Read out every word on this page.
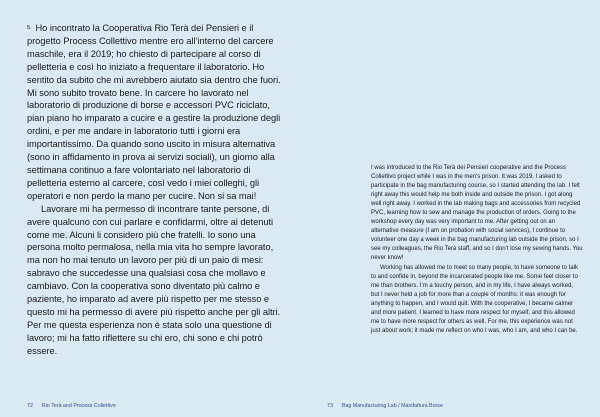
$^{5.}$ Ho incontrato la Cooperativa Rio Terà dei Pensieri e il progetto Process Collettivo mentre ero all’interno del carcere maschile, era il 2019; ho chiesto di partecipare al corso di pelletteria e così ho iniziato a frequentare il laboratorio. Ho sentito da subito che mi avrebbero aiutato sia dentro che fuori. Mi sono subito trovato bene. In carcere ho lavorato nel laboratorio di produzione di borse e accessori PVC riciclato, pian piano ho imparato a cucire e a gestire la produzione degli ordini, e per me andare in laboratorio tutti i giorni era importantissimo. Da quando sono uscito in misura alternativa (sono in affidamento in prova ai servizi sociali), un giorno alla settimana continuo a fare volontariato nel laboratorio di pelletteria esterno al carcere, così vedo i miei colleghi, gli operatori e non perdo la mano per cucire. Non si sa mai!

Lavorare mi ha permesso di incontrare tante persone, di avere qualcuno con cui parlare e confidarmi, oltre ai detenuti come me. Alcuni li considero più che fratelli. Io sono una persona molto permalosa, nella mia vita ho sempre lavorato, ma non ho mai tenuto un lavoro per più di un paio di mesi: sabravo che succedesse una qualsiasi cosa che mollavo e cambiavo. Con la cooperativa sono diventato più calmo e paziente, ho imparato ad avere più rispetto per me stesso e questo mi ha permesso di avere più rispetto anche per gli altri. Per me questa esperienza non è stata solo una questione di lavoro; mi ha fatto riflettere su chi ero, chi sono e chi potrò essere.

72 Rio Terà and Process Collettivo

I was introduced to the Rio Terà dei Pensieri cooperative and the Process Collettivo project while I was in the men’s prison. It was 2019. I asked to participate in the bag manufacturing course, so I started attending the lab. I felt right away this would help me both inside and outside the prison. I got along well right away. I worked in the lab making bags and accessories from recycled PVC, learning how to sew and manage the production of orders. Going to the workshop every day was very important to me. After getting out on an alternative measure (I am on probation with social services), I continue to volunteer one day a week in the bag manufacturing lab outside the prison, so I see my colleagues, the Rio Terà staff, and so I don’t lose my sewing hands. You never know!

Working has allowed me to meet so many people, to have someone to talk to and confide in, beyond the incarcerated people like me. Some feel closer to me than brothers. I’m a touchy person, and in my life, I have always worked, but I never held a job for more than a couple of months: it was enough for anything to happen, and I would quit. With the cooperative, I became calmer and more patient. I learned to have more respect for myself, and this allowed me to have more respect for others as well. For me, this experience was not just about work; it made me reflect on who I was, who I am, and who I can be.

73 Bag Manufacturing Lab / Manifattura Borse
